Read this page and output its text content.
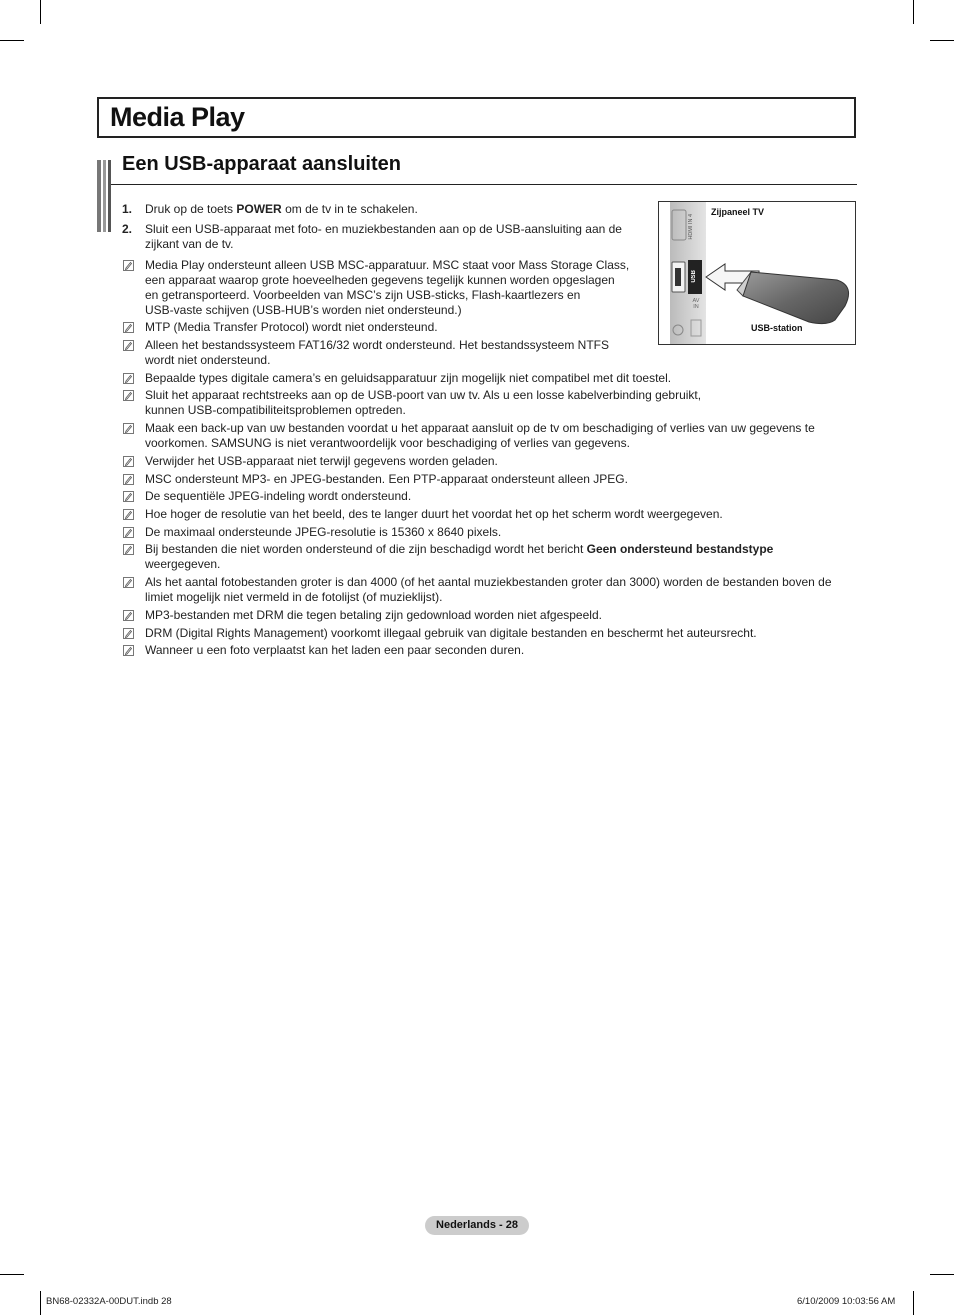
Media Play
Een USB-apparaat aansluiten
1.	Druk op de toets POWER om de tv in te schakelen.
2.	Sluit een USB-apparaat met foto- en muziekbestanden aan op de USB-aansluiting aan de
zijkant van de tv.
Media Play ondersteunt alleen USB MSC-apparatuur. MSC staat voor Mass Storage Class,
een apparaat waarop grote hoeveelheden gegevens tegelijk kunnen worden opgeslagen
en getransporteerd. Voorbeelden van MSC’s zijn USB-sticks, Flash-kaartlezers en
USB-vaste schijven (USB-HUB’s worden niet ondersteund.)
MTP (Media Transfer Protocol) wordt niet ondersteund.
Alleen het bestandssysteem FAT16/32 wordt ondersteund. Het bestandssysteem NTFS
wordt niet ondersteund.
Bepaalde types digitale camera’s en geluidsapparatuur zijn mogelijk niet compatibel met dit toestel.
Sluit het apparaat rechtstreeks aan op de USB-poort van uw tv. Als u een losse kabelverbinding gebruikt,
kunnen USB-compatibiliteitsproblemen optreden.
Maak een back-up van uw bestanden voordat u het apparaat aansluit op de tv om beschadiging of verlies van uw gegevens te
voorkomen. SAMSUNG is niet verantwoordelijk voor beschadiging of verlies van gegevens.
Verwijder het USB-apparaat niet terwijl gegevens worden geladen.
MSC ondersteunt MP3- en JPEG-bestanden. Een PTP-apparaat ondersteunt alleen JPEG.
De sequentiële JPEG-indeling wordt ondersteund.
Hoe hoger de resolutie van het beeld, des te langer duurt het voordat het op het scherm wordt weergegeven.
De maximaal ondersteunde JPEG-resolutie is 15360 x 8640 pixels.
Bij bestanden die niet worden ondersteund of die zijn beschadigd wordt het bericht Geen ondersteund bestandstype
weergegeven.
Als het aantal fotobestanden groter is dan 4000 (of het aantal muziekbestanden groter dan 3000) worden de bestanden boven de
limiet mogelijk niet vermeld in de fotolijst (of muzieklijst).
MP3-bestanden met DRM die tegen betaling zijn gedownload worden niet afgespeeld.
DRM (Digital Rights Management) voorkomt illegaal gebruik van digitale bestanden en beschermt het auteursrecht.
Wanneer u een foto verplaatst kan het laden een paar seconden duren.
Zijpaneel TV
USB-station
HDMI IN 4
USB
AV IN
Nederlands - 28
BN68-02332A-00DUT.indb 28	6/10/2009 10:03:56 AM
